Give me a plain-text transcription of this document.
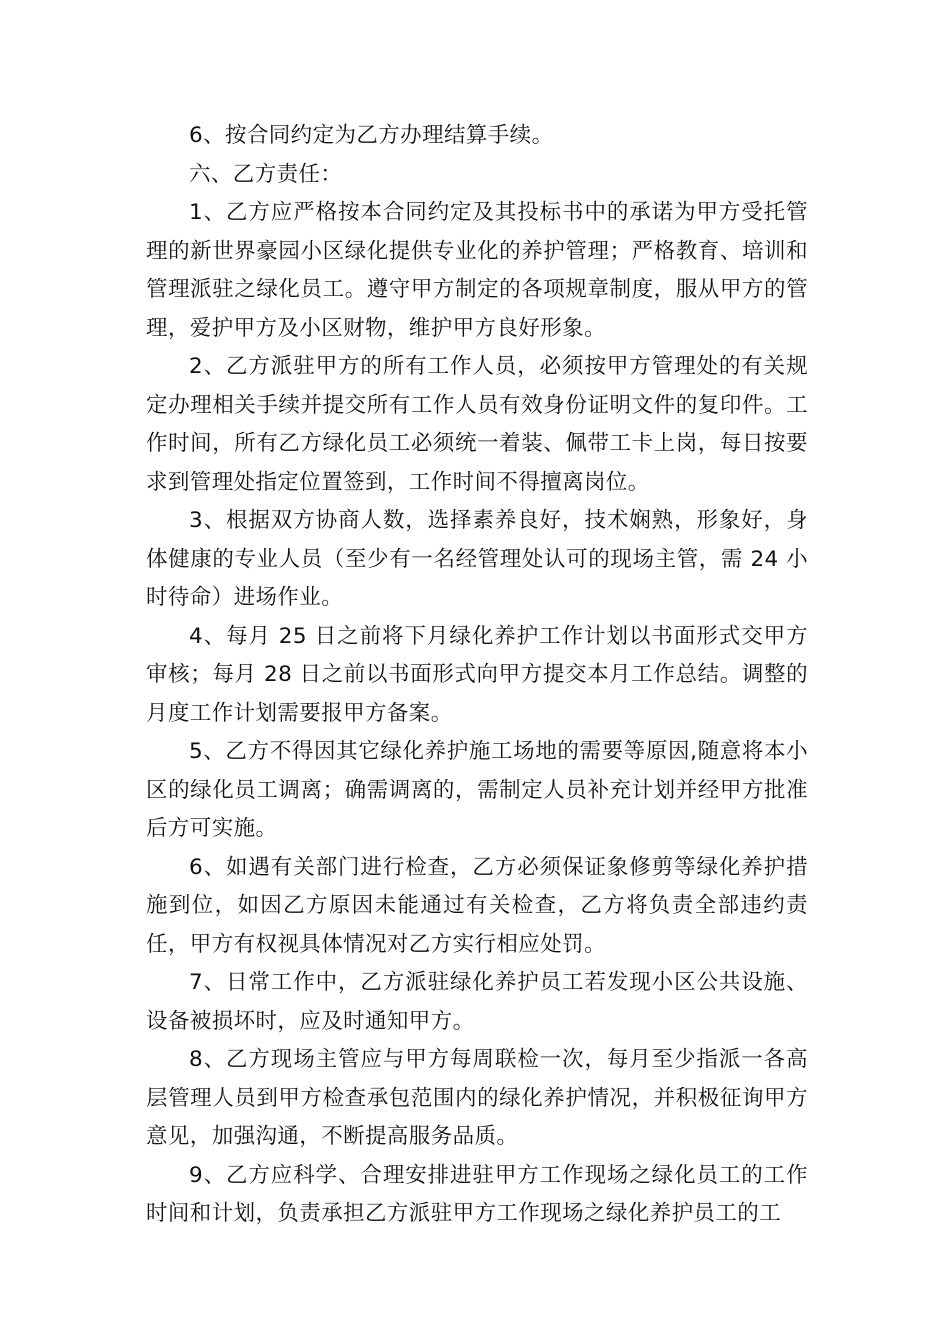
6、按合同约定为乙方办理结算手续。

六、乙方责任：

1、乙方应严格按本合同约定及其投标书中的承诺为甲方受托管理的新世界豪园小区绿化提供专业化的养护管理；严格教育、培训和管理派驻之绿化员工。遵守甲方制定的各项规章制度，服从甲方的管理，爱护甲方及小区财物，维护甲方良好形象。

2、乙方派驻甲方的所有工作人员，必须按甲方管理处的有关规定办理相关手续并提交所有工作人员有效身份证明文件的复印件。工作时间，所有乙方绿化员工必须统一着装、佩带工卡上岗，每日按要求到管理处指定位置签到，工作时间不得擅离岗位。

3、根据双方协商人数，选择素养良好，技术娴熟，形象好，身体健康的专业人员（至少有一名经管理处认可的现场主管，需 24 小时待命）进场作业。

4、每月 25 日之前将下月绿化养护工作计划以书面形式交甲方审核；每月 28 日之前以书面形式向甲方提交本月工作总结。调整的月度工作计划需要报甲方备案。

5、乙方不得因其它绿化养护施工场地的需要等原因,随意将本小区的绿化员工调离；确需调离的，需制定人员补充计划并经甲方批准后方可实施。

6、如遇有关部门进行检查，乙方必须保证象修剪等绿化养护措施到位，如因乙方原因未能通过有关检查，乙方将负责全部违约责任，甲方有权视具体情况对乙方实行相应处罚。

7、日常工作中，乙方派驻绿化养护员工若发现小区公共设施、设备被损坏时，应及时通知甲方。

8、乙方现场主管应与甲方每周联检一次，每月至少指派一各高层管理人员到甲方检查承包范围内的绿化养护情况，并积极征询甲方意见，加强沟通，不断提高服务品质。

9、乙方应科学、合理安排进驻甲方工作现场之绿化员工的工作时间和计划，负责承担乙方派驻甲方工作现场之绿化养护员工的工
